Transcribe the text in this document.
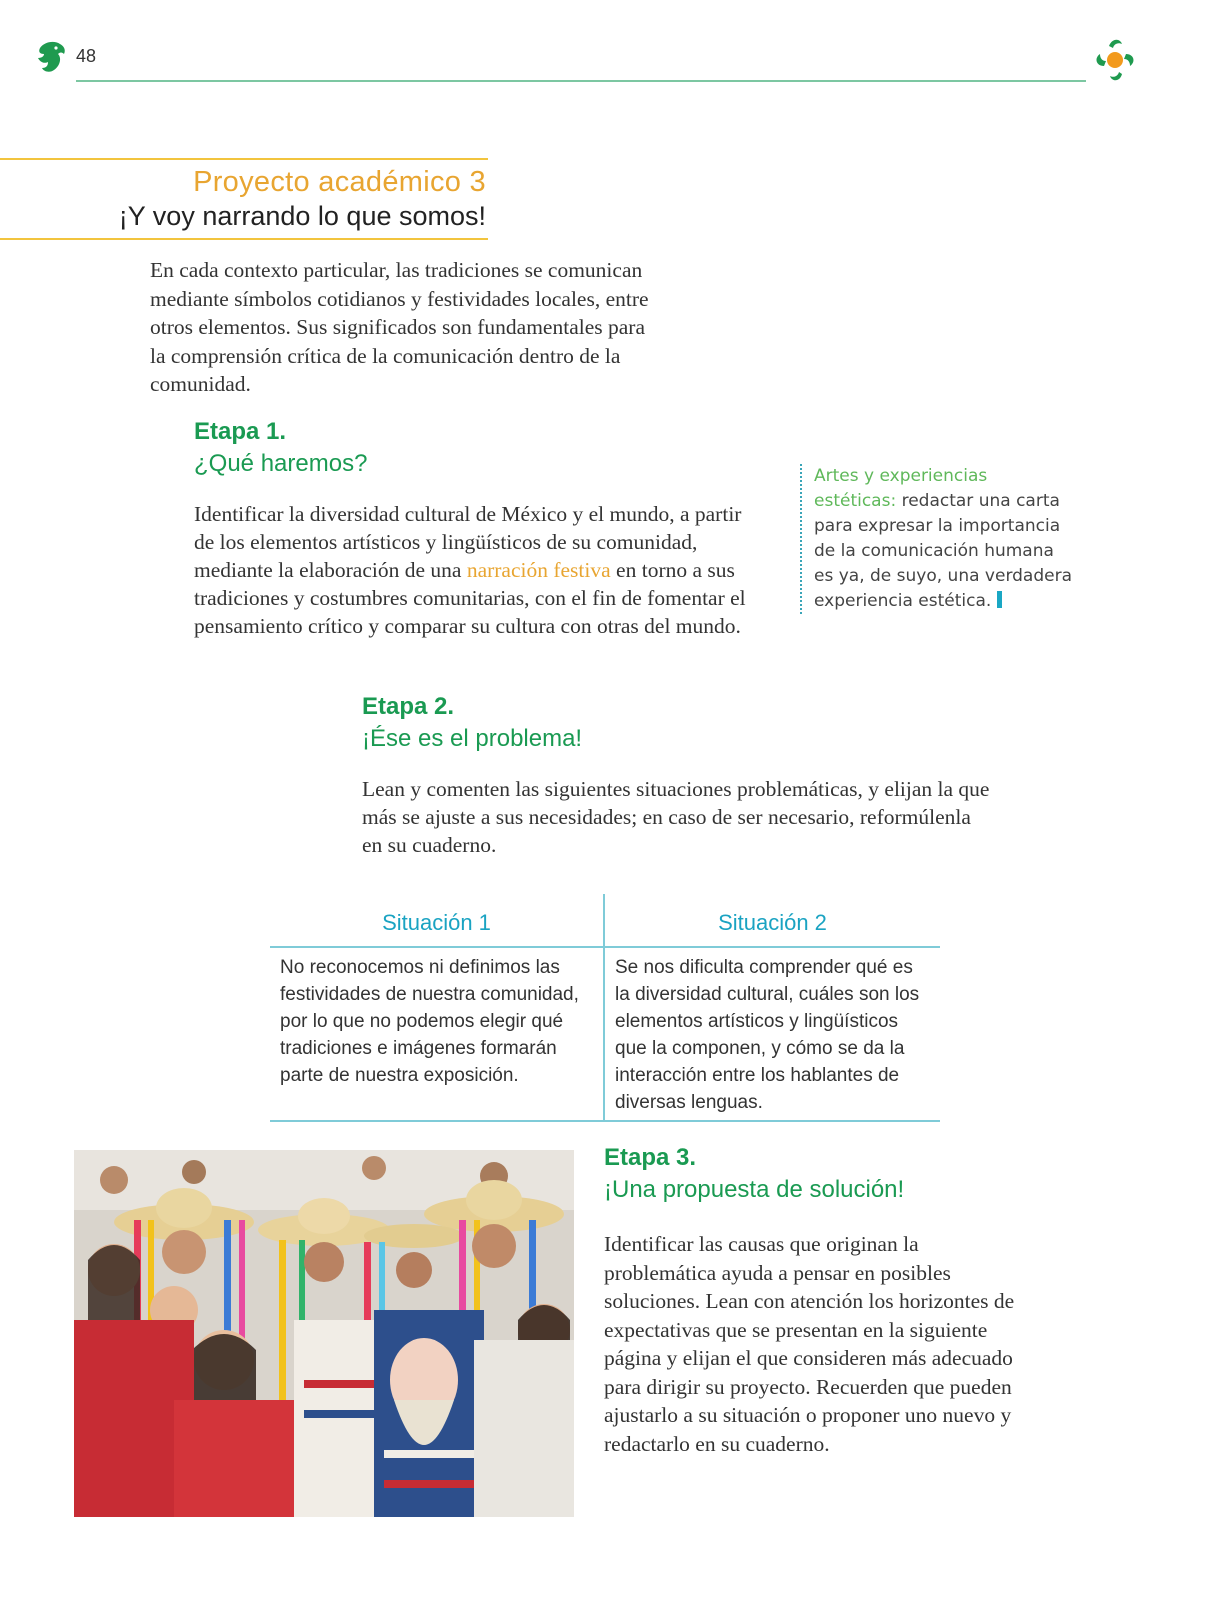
48
Proyecto académico 3
¡Y voy narrando lo que somos!
En cada contexto particular, las tradiciones se comunican mediante símbolos cotidianos y festividades locales, entre otros elementos. Sus significados son fundamentales para la comprensión crítica de la comunicación dentro de la comunidad.
Etapa 1.
¿Qué haremos?
Identificar la diversidad cultural de México y el mundo, a partir de los elementos artísticos y lingüísticos de su comunidad, mediante la elaboración de una narración festiva en torno a sus tradiciones y costumbres comunitarias, con el fin de fomentar el pensamiento crítico y comparar su cultura con otras del mundo.
Artes y experiencias estéticas: redactar una carta para expresar la importancia de la comunicación humana es ya, de suyo, una verdadera experiencia estética.
Etapa 2.
¡Ése es el problema!
Lean y comenten las siguientes situaciones problemáticas, y elijan la que más se ajuste a sus necesidades; en caso de ser necesario, reformúlenla en su cuaderno.
Situación 1	Situación 2
No reconocemos ni definimos las festividades de nuestra comunidad, por lo que no podemos elegir qué tradiciones e imágenes formarán parte de nuestra exposición.
Se nos dificulta comprender qué es la diversidad cultural, cuáles son los elementos artísticos y lingüísticos que la componen, y cómo se da la interacción entre los hablantes de diversas lenguas.
Etapa 3.
¡Una propuesta de solución!
Identificar las causas que originan la problemática ayuda a pensar en posibles soluciones. Lean con atención los horizontes de expectativas que se presentan en la siguiente página y elijan el que consideren más adecuado para dirigir su proyecto. Recuerden que pueden ajustarlo a su situación o proponer uno nuevo y redactarlo en su cuaderno.
